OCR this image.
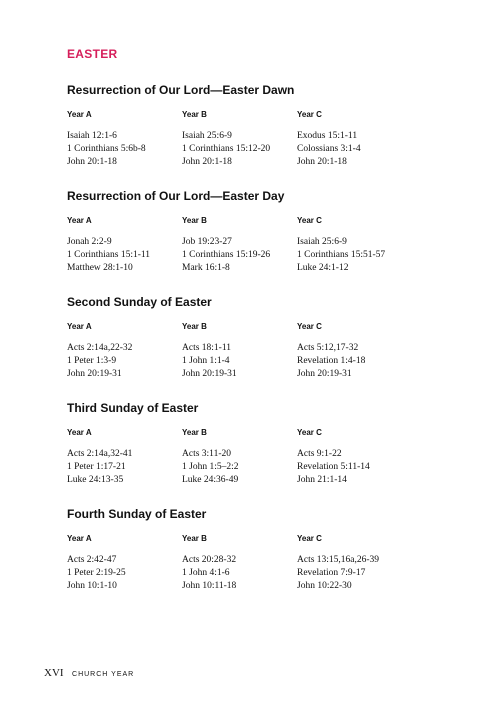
EASTER
Resurrection of Our Lord—Easter Dawn
Year A
Isaiah 12:1-6
1 Corinthians 5:6b-8
John 20:1-18
Year B
Isaiah 25:6-9
1 Corinthians 15:12-20
John 20:1-18
Year C
Exodus 15:1-11
Colossians 3:1-4
John 20:1-18
Resurrection of Our Lord—Easter Day
Year A
Jonah 2:2-9
1 Corinthians 15:1-11
Matthew 28:1-10
Year B
Job 19:23-27
1 Corinthians 15:19-26
Mark 16:1-8
Year C
Isaiah 25:6-9
1 Corinthians 15:51-57
Luke 24:1-12
Second Sunday of Easter
Year A
Acts 2:14a,22-32
1 Peter 1:3-9
John 20:19-31
Year B
Acts 18:1-11
1 John 1:1-4
John 20:19-31
Year C
Acts 5:12,17-32
Revelation 1:4-18
John 20:19-31
Third Sunday of Easter
Year A
Acts 2:14a,32-41
1 Peter 1:17-21
Luke 24:13-35
Year B
Acts 3:11-20
1 John 1:5–2:2
Luke 24:36-49
Year C
Acts 9:1-22
Revelation 5:11-14
John 21:1-14
Fourth Sunday of Easter
Year A
Acts 2:42-47
1 Peter 2:19-25
John 10:1-10
Year B
Acts 20:28-32
1 John 4:1-6
John 10:11-18
Year C
Acts 13:15,16a,26-39
Revelation 7:9-17
John 10:22-30
XVI CHURCH YEAR
